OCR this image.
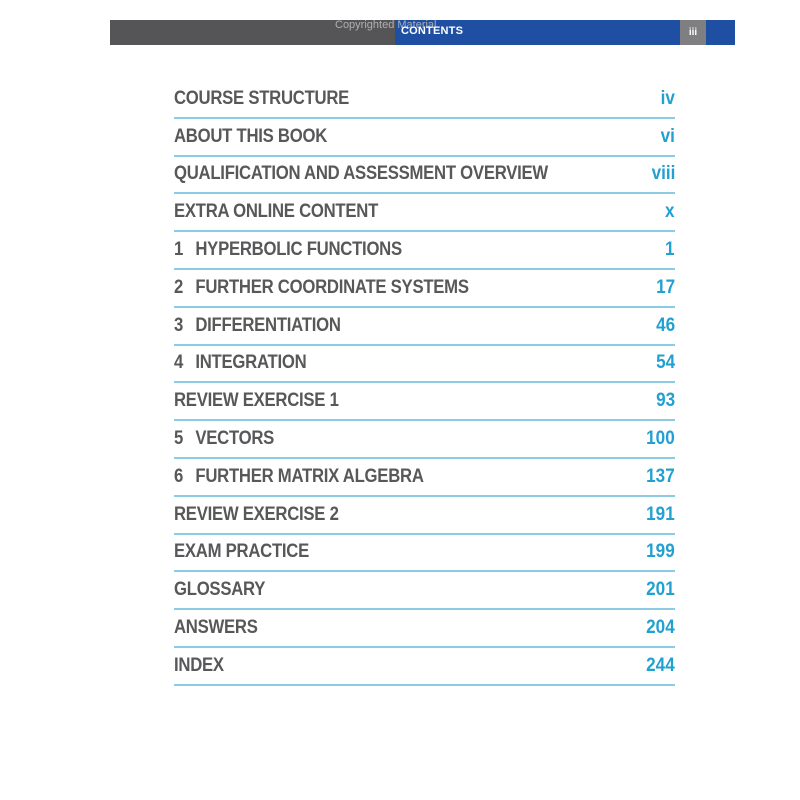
Copyrighted Material
CONTENTS	iii
COURSE STRUCTURE	iv
ABOUT THIS BOOK	vi
QUALIFICATION AND ASSESSMENT OVERVIEW	viii
EXTRA ONLINE CONTENT	x
1 HYPERBOLIC FUNCTIONS	1
2 FURTHER COORDINATE SYSTEMS	17
3 DIFFERENTIATION	46
4 INTEGRATION	54
REVIEW EXERCISE 1	93
5 VECTORS	100
6 FURTHER MATRIX ALGEBRA	137
REVIEW EXERCISE 2	191
EXAM PRACTICE	199
GLOSSARY	201
ANSWERS	204
INDEX	244
